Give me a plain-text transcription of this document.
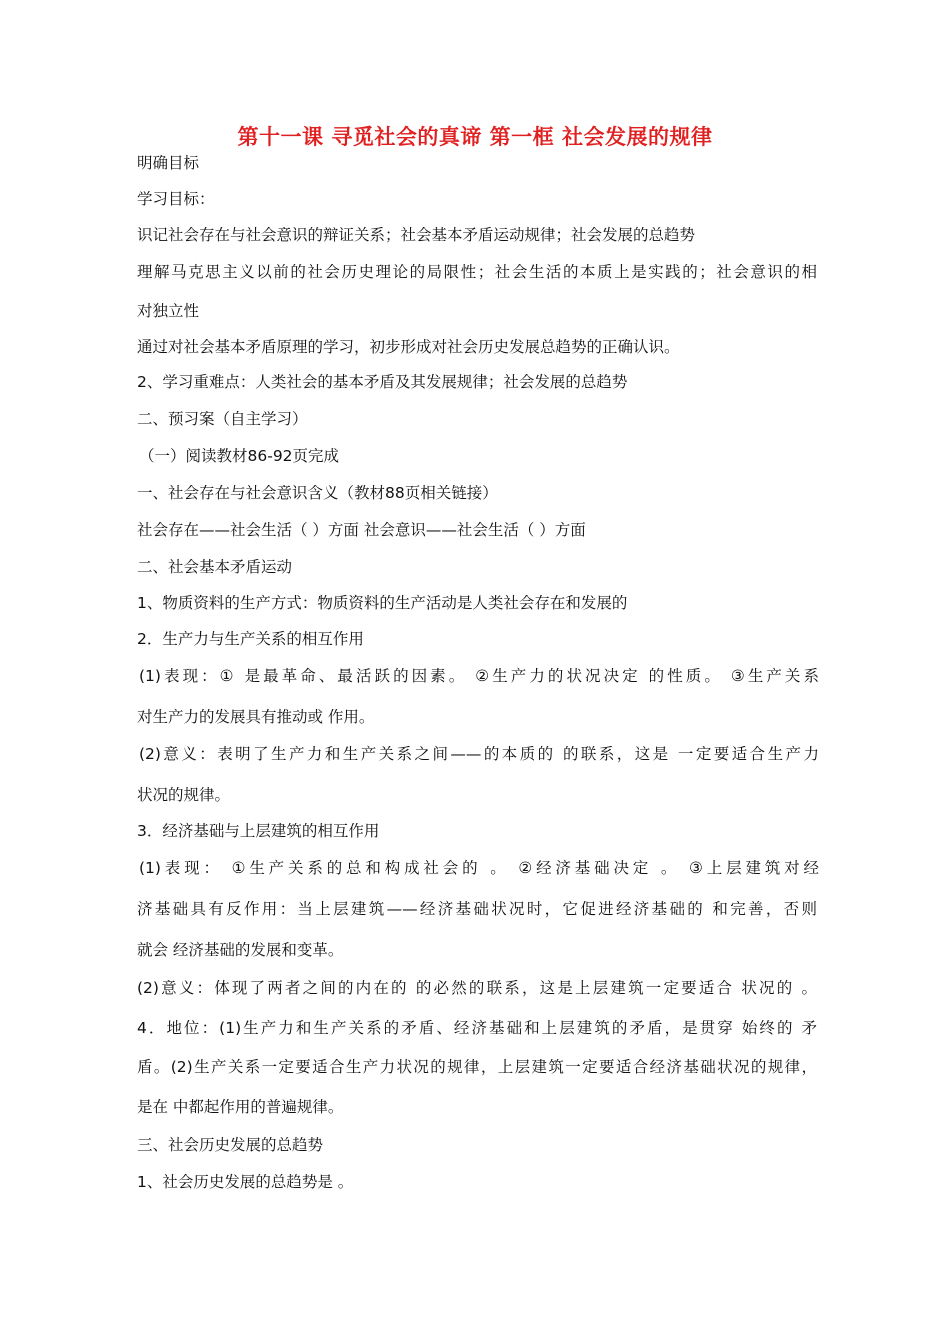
第十一课 寻觅社会的真谛 第一框 社会发展的规律
明确目标
学习目标：
识记社会存在与社会意识的辩证关系；社会基本矛盾运动规律；社会发展的总趋势
理解马克思主义以前的社会历史理论的局限性；社会生活的本质上是实践的；社会意识的相
对独立性
通过对社会基本矛盾原理的学习，初步形成对社会历史发展总趋势的正确认识。
2、学习重难点：人类社会的基本矛盾及其发展规律；社会发展的总趋势
二、预习案（自主学习）
（一）阅读教材86-92页完成
一、社会存在与社会意识含义（教材88页相关链接）
社会存在——社会生活（ ）方面 社会意识——社会生活（ ）方面
二、社会基本矛盾运动
1、物质资料的生产方式：物质资料的生产活动是人类社会存在和发展的
2．生产力与生产关系的相互作用
(1)表现：① 是最革命、最活跃的因素。 ②生产力的状况决定 的性质。 ③生产关系
对生产力的发展具有推动或 作用。
(2)意义：表明了生产力和生产关系之间——的本质的 的联系，这是 一定要适合生产力
状况的规律。
3．经济基础与上层建筑的相互作用
(1)表现： ①生产关系的总和构成社会的 。 ②经济基础决定 。 ③上层建筑对经
济基础具有反作用：当上层建筑——经济基础状况时，它促进经济基础的 和完善，否则
就会 经济基础的发展和变革。
(2)意义：体现了两者之间的内在的 的必然的联系，这是上层建筑一定要适合 状况的 。
4．地位：(1)生产力和生产关系的矛盾、经济基础和上层建筑的矛盾，是贯穿 始终的 矛
盾。(2)生产关系一定要适合生产力状况的规律，上层建筑一定要适合经济基础状况的规律，
是在 中都起作用的普遍规律。
三、社会历史发展的总趋势
1、社会历史发展的总趋势是 。
